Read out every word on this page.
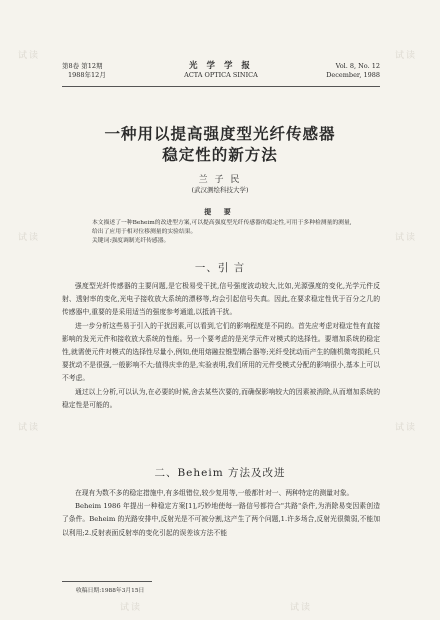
第8卷 第12期
1988年12月
光 学 学 报
ACTA OPTICA SINICA
Vol. 8, No. 12
December, 1988
一种用以提高强度型光纤传感器
稳定性的新方法
兰 子 民
(武汉测绘科技大学)
提 要
本文描述了一种Beheim的改进型方案,可以提高强度型光纤传感器的稳定性,可用于多种检测量的测量,给出了应用于相对位移测量的实验结果。
关键词:强度调制光纤传感器。
一、引 言

强度型光纤传感器的主要问题,是它极易受干扰,信号强度波动较大,比如,光源强度的变化,光学元件反射、透射率的变化,光电子接收放大系统的漂移等,均会引起信号失真。因此,在要求稳定性优于百分之几的传感器中,重要的是采用适当的强度参考通道,以抵消干扰。

进一步分析这些易于引入的干扰因素,可以看到,它们的影响程度是不同的。首先应考虑对稳定性有直接影响的发光元件和接收放大系统的性能。另一个要考虑的是光学元件对模式的选择性。要增加系统的稳定性,就需使元件对模式的选择性尽量小,例如,使用熔融拉锥型耦合器等;光纤受扰动而产生的随机微弯损耗,只要扰动不是很强,一般影响不大;值得庆幸的是,实验表明,我们所用的元件受模式分配的影响很小,基本上可以不考虑。

通过以上分析,可以认为,在必要的时候,舍去某些次要的,而确保影响较大的因素被消除,从而增加系统的稳定性是可能的。

二、Beheim 方法及改进

在现有为数不多的稳定措施中,有多组错位,较少复用等,一般都针对一、两种特定的测量对象。

Beheim 1986 年提出一种稳定方案[1],巧妙地使每一路信号都符合"共路"条件,为消除易变因素创造了条件。Beheim 的光路安排中,反射光是不可被分割,这产生了两个问题,1.许多场合,反射光很微弱,不能加以利用;2.反射表面反射率的变化引起的误差该方法不能

收稿日期:1988年3月15日
试读	试读
试读	试读
试读	试读
试读	试读
